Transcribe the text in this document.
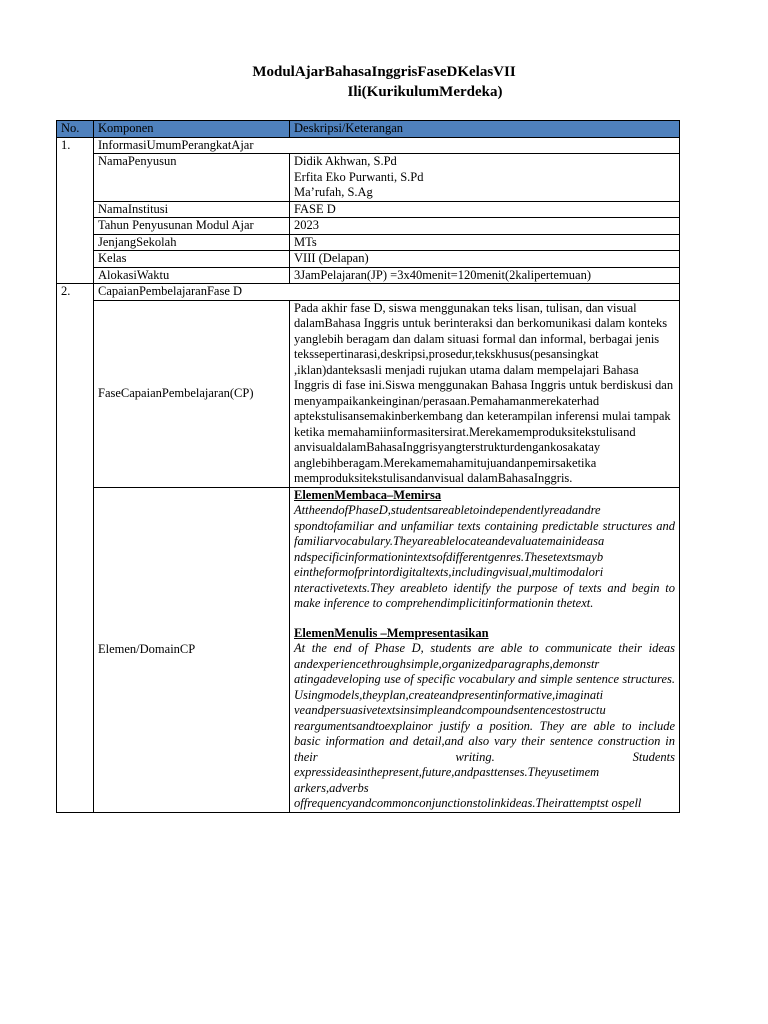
ModulAjarBahasaInggrisFaseDKelasVII
Ili(KurikulumMerdeka)
No.	Komponen	Deskripsi/Keterangan
1.	InformasiUmumPerangkatAjar	
	NamaPenyusun	Didik Akhwan, S.Pd
Erfita Eko Purwanti, S.Pd
Ma’rufah, S.Ag

	NamaInstitusi	FASE D
	Tahun Penyusunan Modul Ajar	2023
	JenjangSekolah	MTs
	Kelas	VIII (Delapan)
	AlokasiWaktu	3JamPelajaran(JP) =3x40menit=120menit(2kalipertemuan)
2.	CapaianPembelajaranFase D	
	FaseCapaianPembelajaran(CP)	Pada akhir fase D, siswa menggunakan teks lisan, tulisan, dan visual dalamBahasa Inggris untuk berinteraksi dan berkomunikasi dalam konteks yanglebih beragam dan dalam situasi formal dan informal, berbagai jenis tekssepertinarasi,deskripsi,prosedur,tekskhusus(pesansingkat ,iklan)danteksasli menjadi rujukan utama dalam mempelajari Bahasa Inggris di fase ini.Siswa menggunakan Bahasa Inggris untuk berdiskusi dan menyampaikankeinginan/perasaan.Pemahamanmerekaterhad aptekstulisansemakinberkembang dan keterampilan inferensi mulai tampak ketika memahamiinformasitersirat.Merekamemproduksitekstulisand anvisualdalamBahasaInggrisyangterstrukturdengankosakatay anglebihberagam.Merekamemahamitujuandanpemirsaketika memproduksitekstulisandanvisual dalamBahasaInggris.
	Elemen/DomainCP	ElemenMembaca–Memirsa
AttheendofPhaseD,studentsareabletoindependentlyreadandre spondtofamiliar and unfamiliar texts containing predictable structures and familiarvocabulary.Theyareablelocateandevaluatemainideasa ndspecificinformationintextsofdifferentgenres.Thesetextsmayb eintheformofprintordigitaltexts,includingvisual,multimodalori nteractivetexts.They areableto identify the purpose of texts and begin to make inference to comprehendimplicitinformationin thetext.
ElemenMenulis –Mempresentasikan
At the end of Phase D, students are able to communicate their ideas andexperiencethroughsimple,organizedparagraphs,demonstr atingadeveloping use of specific vocabulary and simple sentence structures. Usingmodels,theyplan,createandpresentinformative,imaginati veandpersuasivetextsinsimpleandcompoundsentencestostructu reargumentsandtoexplainor justify a position. They are able to include basic information and detail,and also vary their sentence construction in their writing. Students expressideasinthepresent,future,andpasttenses.Theyusetimem arkers,adverbs offrequencyandcommonconjunctionstolinkideas.Theirattemptst ospell
